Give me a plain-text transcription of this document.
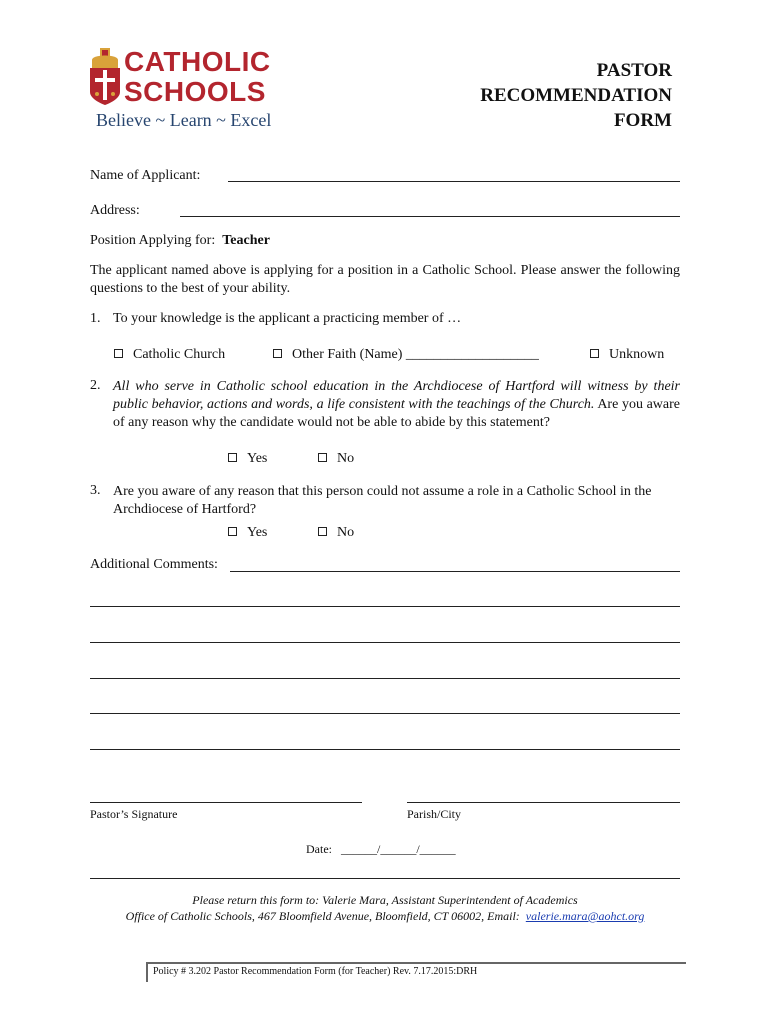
CATHOLIC
SCHOOLS
Believe ~ Learn ~ Excel
PASTOR
RECOMMENDATION
FORM
Name of Applicant:
Address:
Position Applying for: Teacher
The applicant named above is applying for a position in a Catholic School. Please answer the following questions to the best of your ability.
1. To your knowledge is the applicant a practicing member of …
Catholic Church	Other Faith (Name) ___________________	Unknown
2. All who serve in Catholic school education in the Archdiocese of Hartford will witness by their public behavior, actions and words, a life consistent with the teachings of the Church. Are you aware of any reason why the candidate would not be able to abide by this statement?
Yes	No
3. Are you aware of any reason that this person could not assume a role in a Catholic School in the Archdiocese of Hartford?
Yes	No
Additional Comments:
Pastor’s Signature	Parish/City
Date: ______/______/______
Please return this form to: Valerie Mara, Assistant Superintendent of Academics
Office of Catholic Schools, 467 Bloomfield Avenue, Bloomfield, CT 06002, Email: valerie.mara@aohct.org
Policy # 3.202 Pastor Recommendation Form (for Teacher) Rev. 7.17.2015:DRH
